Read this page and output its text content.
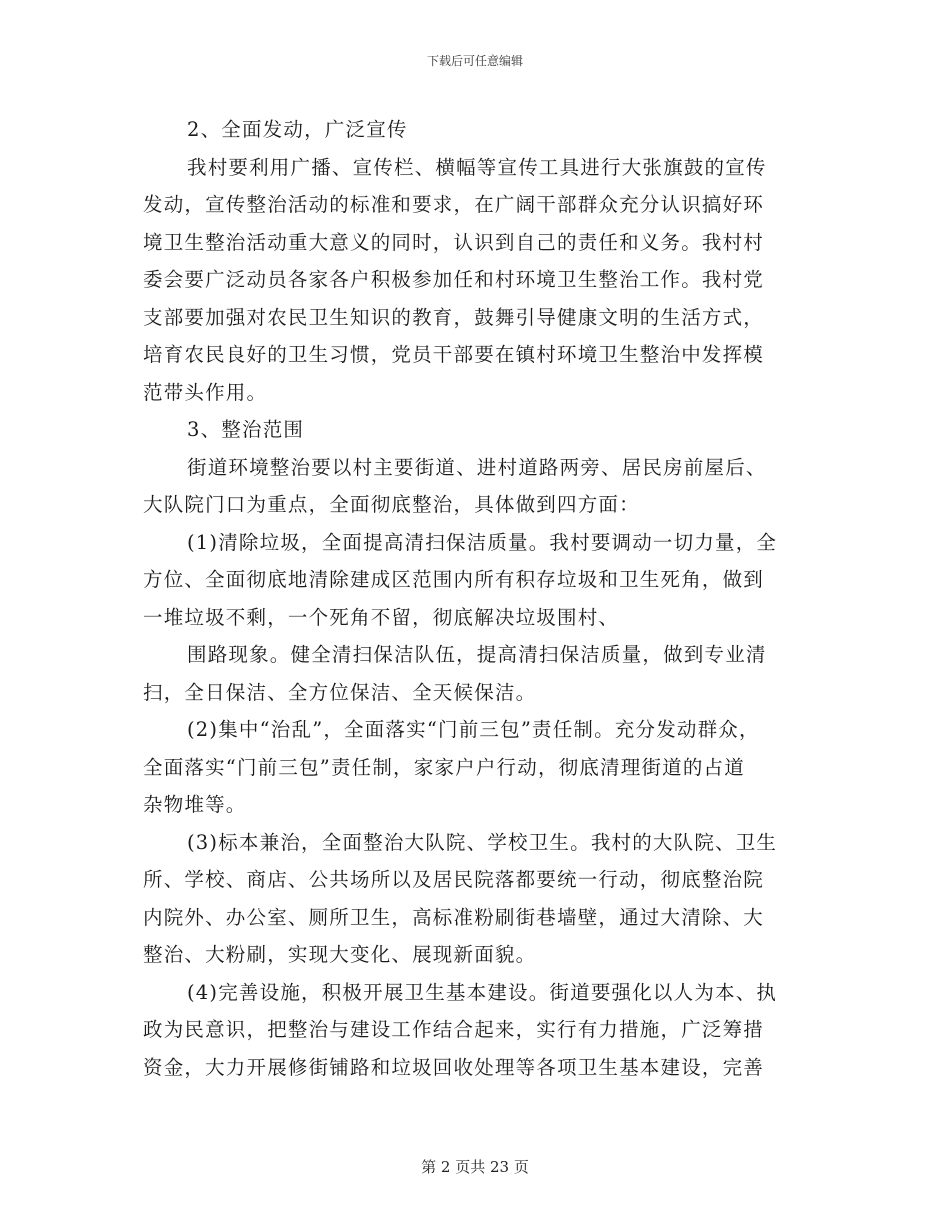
下载后可任意编辑
2、全面发动，广泛宣传
我村要利用广播、宣传栏、横幅等宣传工具进行大张旗鼓的宣传
发动，宣传整治活动的标准和要求，在广阔干部群众充分认识搞好环
境卫生整治活动重大意义的同时，认识到自己的责任和义务。我村村
委会要广泛动员各家各户积极参加任和村环境卫生整治工作。我村党
支部要加强对农民卫生知识的教育，鼓舞引导健康文明的生活方式，
培育农民良好的卫生习惯，党员干部要在镇村环境卫生整治中发挥模
范带头作用。
3、整治范围
街道环境整治要以村主要街道、进村道路两旁、居民房前屋后、
大队院门口为重点，全面彻底整治，具体做到四方面：
(1)清除垃圾，全面提高清扫保洁质量。我村要调动一切力量，全
方位、全面彻底地清除建成区范围内所有积存垃圾和卫生死角，做到
一堆垃圾不剩，一个死角不留，彻底解决垃圾围村、
围路现象。健全清扫保洁队伍，提高清扫保洁质量，做到专业清
扫，全日保洁、全方位保洁、全天候保洁。
(2)集中“治乱”，全面落实“门前三包”责任制。充分发动群众，
全面落实“门前三包”责任制，家家户户行动，彻底清理街道的占道
杂物堆等。
(3)标本兼治，全面整治大队院、学校卫生。我村的大队院、卫生
所、学校、商店、公共场所以及居民院落都要统一行动，彻底整治院
内院外、办公室、厕所卫生，高标准粉刷街巷墙壁，通过大清除、大
整治、大粉刷，实现大变化、展现新面貌。
(4)完善设施，积极开展卫生基本建设。街道要强化以人为本、执
政为民意识，把整治与建设工作结合起来，实行有力措施，广泛筹措
资金，大力开展修街铺路和垃圾回收处理等各项卫生基本建设，完善
第 2 页共 23 页
